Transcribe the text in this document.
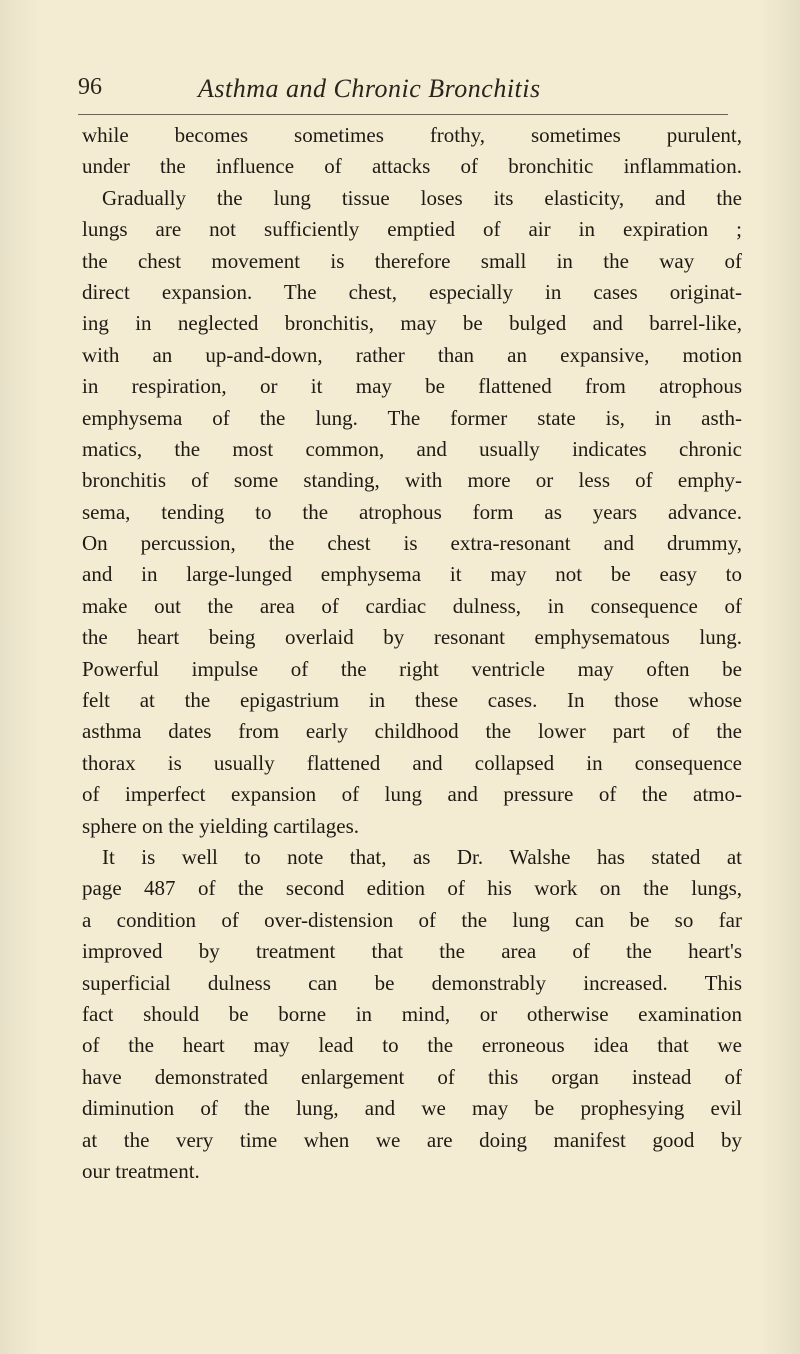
96	Asthma and Chronic Bronchitis
while becomes sometimes frothy, sometimes purulent,
under the influence of attacks of bronchitic inflammation.
Gradually the lung tissue loses its elasticity, and the
lungs are not sufficiently emptied of air in expiration ;
the chest movement is therefore small in the way of
direct expansion. The chest, especially in cases originat-
ing in neglected bronchitis, may be bulged and barrel-like,
with an up-and-down, rather than an expansive, motion
in respiration, or it may be flattened from atrophous
emphysema of the lung. The former state is, in asth-
matics, the most common, and usually indicates chronic
bronchitis of some standing, with more or less of emphy-
sema, tending to the atrophous form as years advance.
On percussion, the chest is extra-resonant and drummy,
and in large-lunged emphysema it may not be easy to
make out the area of cardiac dulness, in consequence of
the heart being overlaid by resonant emphysematous lung.
Powerful impulse of the right ventricle may often be
felt at the epigastrium in these cases. In those whose
asthma dates from early childhood the lower part of the
thorax is usually flattened and collapsed in consequence
of imperfect expansion of lung and pressure of the atmo-
sphere on the yielding cartilages.
It is well to note that, as Dr. Walshe has stated at
page 487 of the second edition of his work on the lungs,
a condition of over-distension of the lung can be so far
improved by treatment that the area of the heart's
superficial dulness can be demonstrably increased. This
fact should be borne in mind, or otherwise examination
of the heart may lead to the erroneous idea that we
have demonstrated enlargement of this organ instead of
diminution of the lung, and we may be prophesying evil
at the very time when we are doing manifest good by
our treatment.
